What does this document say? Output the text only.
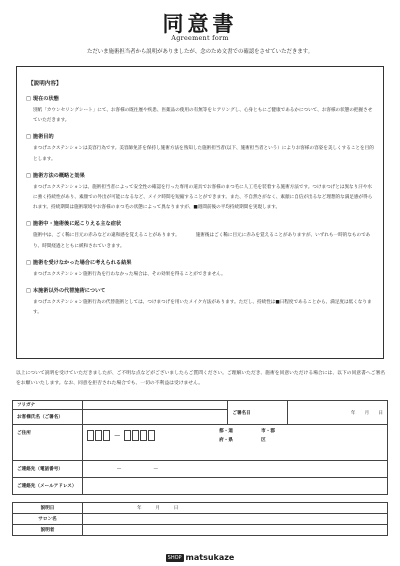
同意書
Agreement form
ただいま施術担当者から説明がありましたが、念のため文書での確認をさせていただきます。
【説明内容】
□ 現在の状態
別紙「カウンセリングシート」にて、お客様の既往歴や疾患、医薬品の使用の有無等をヒアリングし、心身ともにご健康であるかについて、お客様の状態の把握させていただきます。
□ 施術目的
まつげエクステンションは美容行為です。美容師免許を保持し施術方法を熟知した施術担当者(以下、施術担当者という）によりお客様の容姿を美しくすることを目的とします。
□ 施術方法の概略と効果
まつげエクステンションは、施術担当者によって安全性の確認を行った専用の道具でお客様のまつ毛に人工毛を装着する施術方法です。つけまつげとは異なり汗や水に強く持続性があり、素顔での外出が可能になるなど、メイク時間を短縮することができます。また、不自然さがなく、素顔に自信が出るなど理想的な満足感が得られます。持続期間は施術環境やお客様のまつ毛の状態によって異なりますが、■週間前後の平均持続期間を実現します。
□ 施術中・施術後に起こりえる主な症状
施術中は、ごく稀に目元の赤みなどの違和感を覚えることがあります。　　　　施術後はごく稀に目元に赤みを覚えることがありますが、いずれも一時的なものであり、時間経過とともに緩和されていきます。
□ 施術を受けなかった場合に考えられる結果
まつげエクステンション施術行為を行わなかった場合は、その効果を得ることができません。
□ 本施術以外の代替施術について
まつげエクステンション施術行為の代替施術としては、つけまつげを用いたメイク方法があります。ただし、持続性は■日程度であることから、満足度は低くなります。
以上について説明を受けていただきましたが、ご不明な点などがございましたらご質問ください。ご理解いただき、施術を同意いただける場合には、以下の同意書へご署名をお願いいたします。なお、同意を拒否された場合でも、一切の不利益は受けません。
フリガナ		ご署名日	年　　月　　日
お客様氏名（ご署名）			
ご住所	—
都・道 市・郡
府・県 区		

ご連絡先（電話番号）	—　　　　　　　—		
ご連絡先（メールアドレス）			
説明日	年　　　月　　　日
サロン名	
説明者	
SHOP matsukaze
